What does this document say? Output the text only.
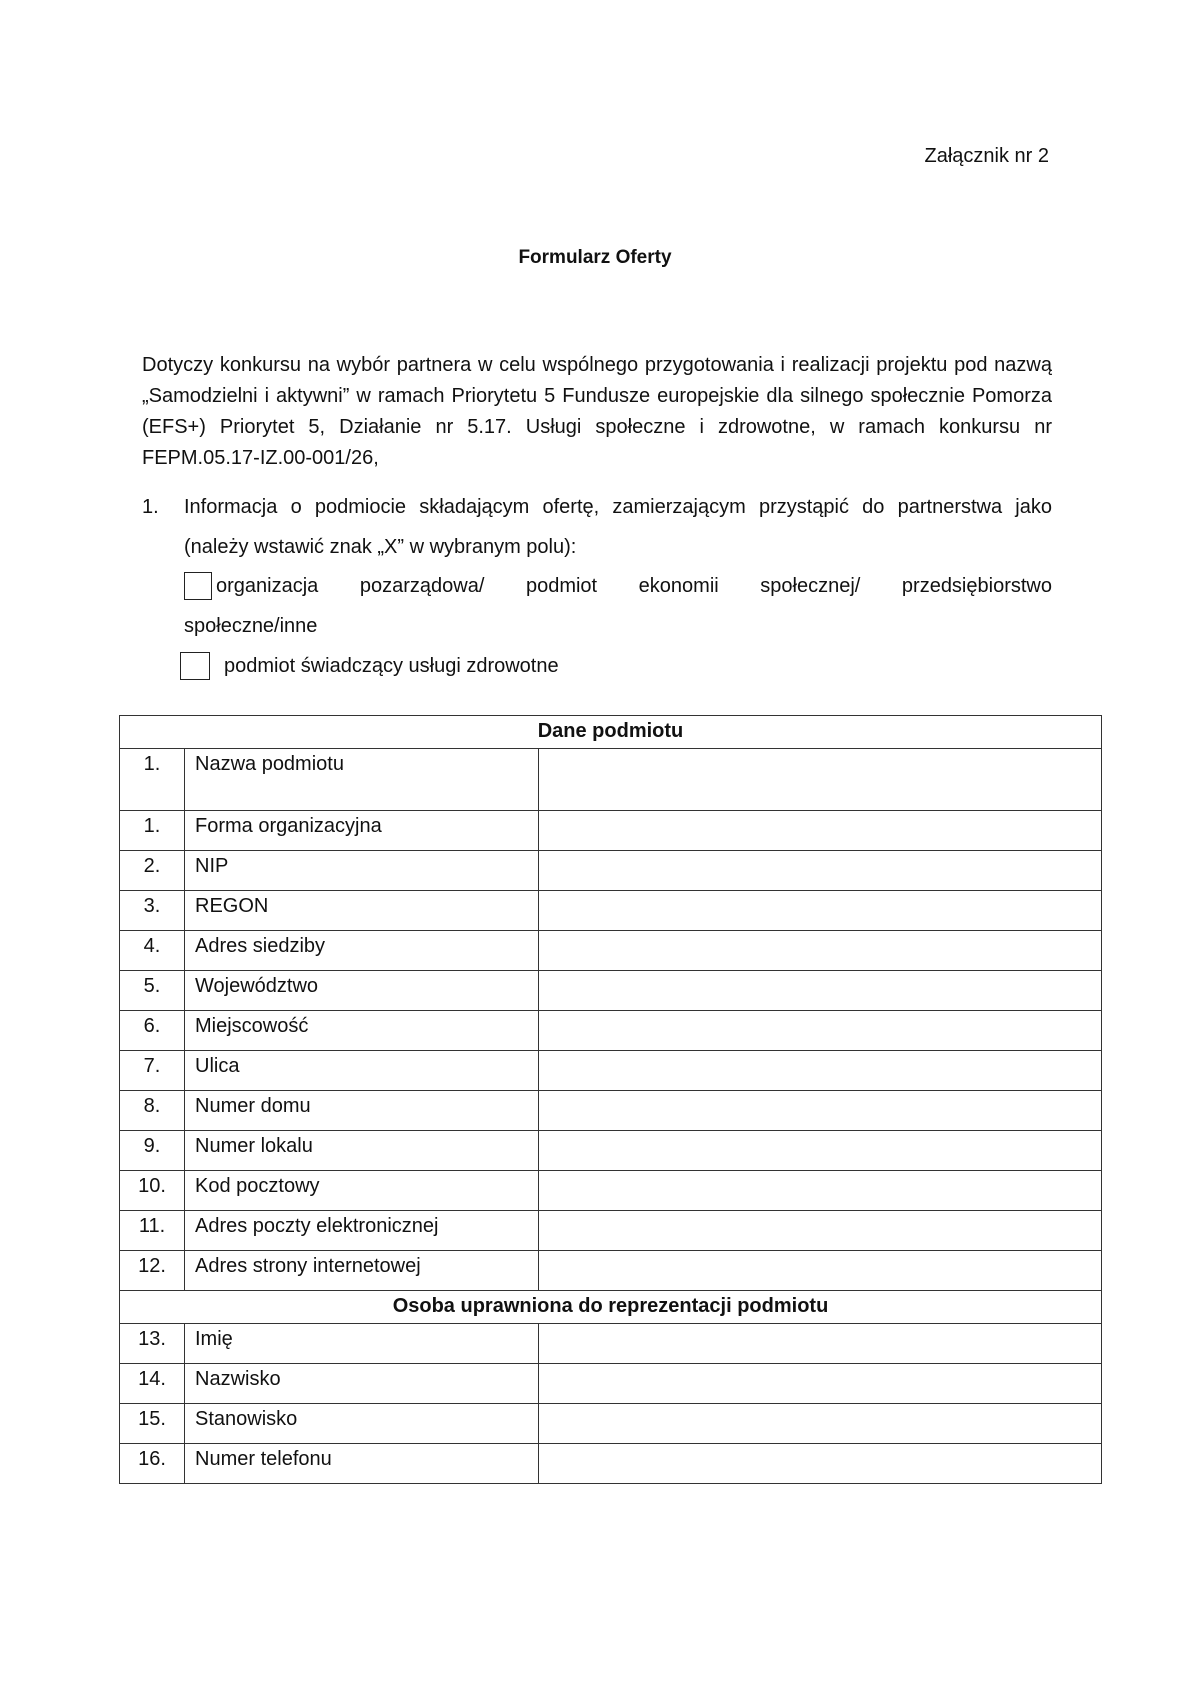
Załącznik nr 2
Formularz Oferty

Dotyczy konkursu na wybór partnera w celu wspólnego przygotowania i realizacji projektu pod nazwą „Samodzielni i aktywni” w ramach Priorytetu 5 Fundusze europejskie dla silnego społecznie Pomorza (EFS+) Priorytet 5, Działanie nr 5.17. Usługi społeczne i zdrowotne, w ramach konkursu nr FEPM.05.17-IZ.00-001/26,

1. Informacja o podmiocie składającym ofertę, zamierzającym przystąpić do partnerstwa jako (należy wstawić znak „X” w wybranym polu):
organizacja pozarządowa/ podmiot ekonomii społecznej/ przedsiębiorstwo
społeczne/inne
podmiot świadczący usługi zdrowotne
Dane podmiotu		
1.	Nazwa podmiotu	
1.	Forma organizacyjna	
2.	NIP	
3.	REGON	
4.	Adres siedziby	
5.	Województwo	
6.	Miejscowość	
7.	Ulica	
8.	Numer domu	
9.	Numer lokalu	
10.	Kod pocztowy	
11.	Adres poczty elektronicznej	
12.	Adres strony internetowej	
Osoba uprawniona do reprezentacji podmiotu		
13.	Imię	
14.	Nazwisko	
15.	Stanowisko	
16.	Numer telefonu	
